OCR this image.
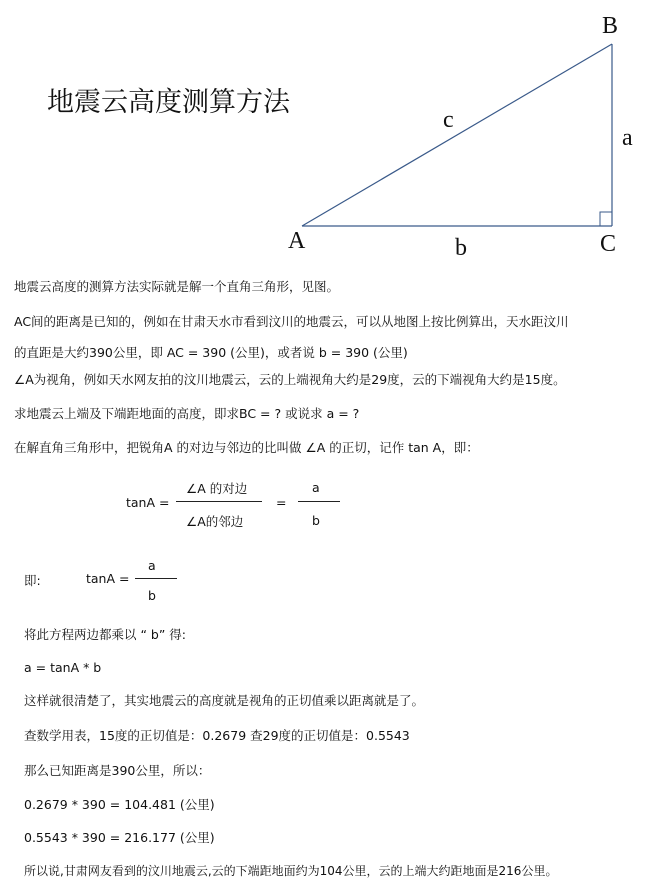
地震云高度测算方法
B
a
c
A	b	C
地震云高度的测算方法实际就是解一个直角三角形，见图。
AC间的距离是已知的，例如在甘肃天水市看到汶川的地震云，可以从地图上按比例算出，天水距汶川
的直距是大约390公里，即 AC = 390 (公里)，或者说 b = 390 (公里)
∠A为视角，例如天水网友拍的汶川地震云，云的上端视角大约是29度，云的下端视角大约是15度。
求地震云上端及下端距地面的高度，即求BC = ? 或说求 a = ?
在解直角三角形中，把锐角A 的对边与邻边的比叫做 ∠A 的正切，记作 tan A，即：
tanA =
∠A 的对边
∠A的邻边
=
a
b
即:	tanA =
a
b
将此方程两边都乘以 “ b” 得:
a = tanA * b
这样就很清楚了，其实地震云的高度就是视角的正切值乘以距离就是了。
查数学用表，15度的正切值是：0.2679 查29度的正切值是：0.5543
那么已知距离是390公里，所以：
0.2679 * 390 = 104.481 (公里)
0.5543 * 390 = 216.177 (公里)
所以说,甘肃网友看到的汶川地震云,云的下端距地面约为104公里，云的上端大约距地面是216公里。
